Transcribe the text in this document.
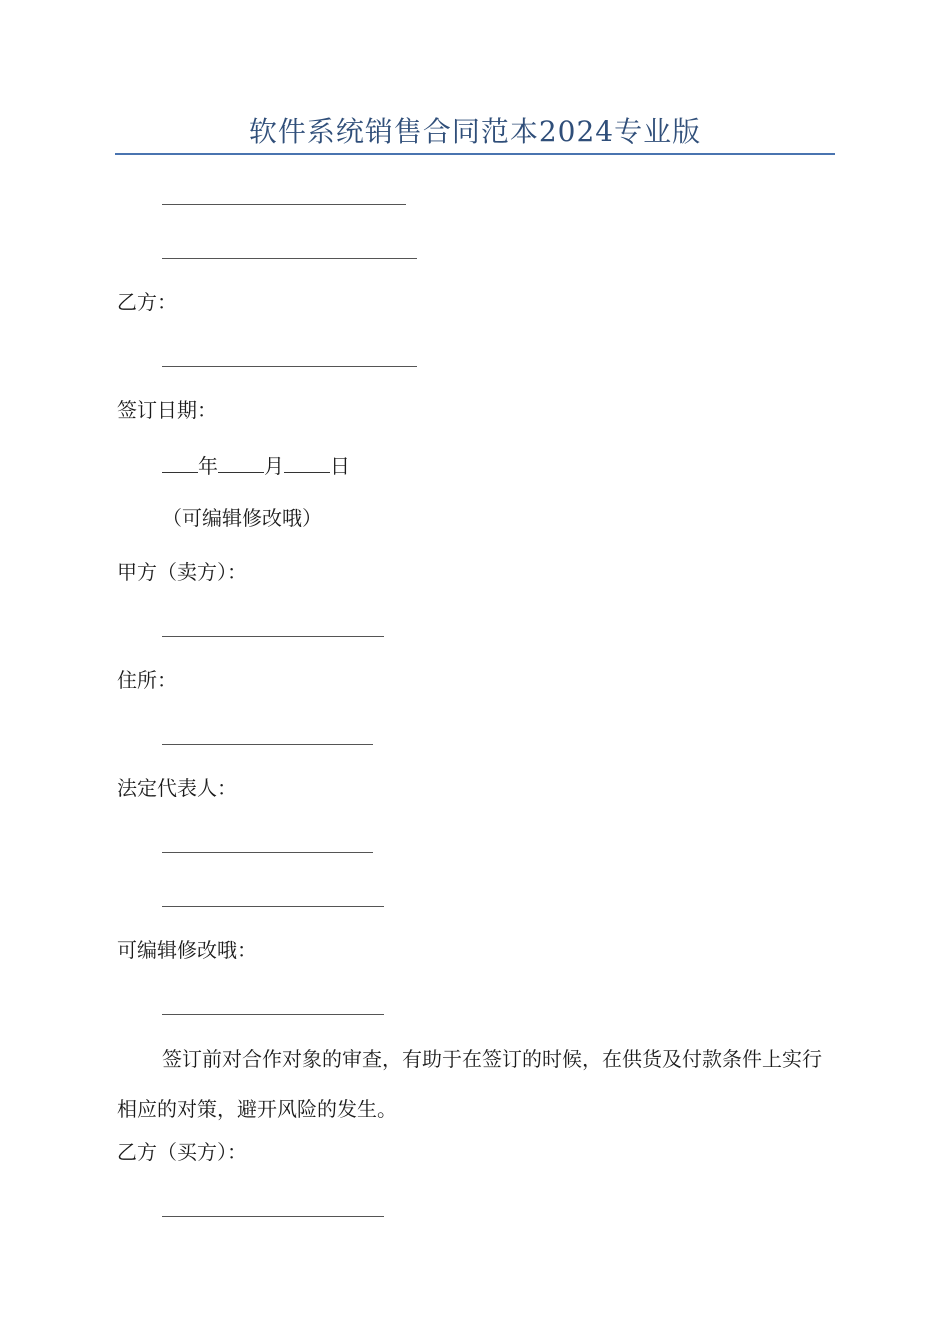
软件系统销售合同范本2024专业版
乙方：
签订日期：
年 月 日
（可编辑修改哦）
甲方（卖方）：
住所：
法定代表人：
可编辑修改哦：
签订前对合作对象的审查，有助于在签订的时候，在供货及付款条件上实行相应的对策，避开风险的发生。
乙方（买方）：
